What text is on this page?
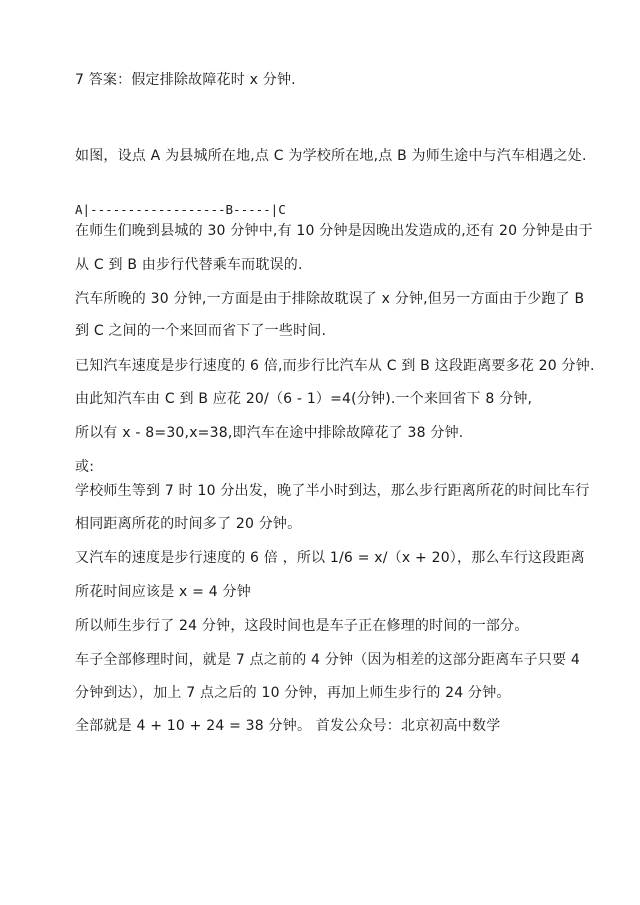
7 答案：假定排除故障花时 x 分钟.
如图，设点 A 为县城所在地,点 C 为学校所在地,点 B 为师生途中与汽车相遇之处.
A|------------------B-----|C
在师生们晚到县城的 30 分钟中,有 10 分钟是因晚出发造成的,还有 20 分钟是由于
从 C 到 B 由步行代替乘车而耽误的.
汽车所晚的 30 分钟,一方面是由于排除故耽误了 x 分钟,但另一方面由于少跑了 B
到 C 之间的一个来回而省下了一些时间.
已知汽车速度是步行速度的 6 倍,而步行比汽车从 C 到 B 这段距离要多花 20 分钟.
由此知汽车由 C 到 B 应花 20/（6 - 1）=4(分钟).一个来回省下 8 分钟,
所以有 x - 8=30,x=38,即汽车在途中排除故障花了 38 分钟.
或:
学校师生等到 7 时 10 分出发，晚了半小时到达，那么步行距离所花的时间比车行
相同距离所花的时间多了 20 分钟。
又汽车的速度是步行速度的 6 倍 ，所以 1/6 = x/（x + 20），那么车行这段距离
所花时间应该是 x = 4 分钟
所以师生步行了 24 分钟，这段时间也是车子正在修理的时间的一部分。
车子全部修理时间，就是 7 点之前的 4 分钟（因为相差的这部分距离车子只要 4
分钟到达），加上 7 点之后的 10 分钟，再加上师生步行的 24 分钟。
全部就是 4 + 10 + 24 = 38 分钟。 首发公众号：北京初高中数学
